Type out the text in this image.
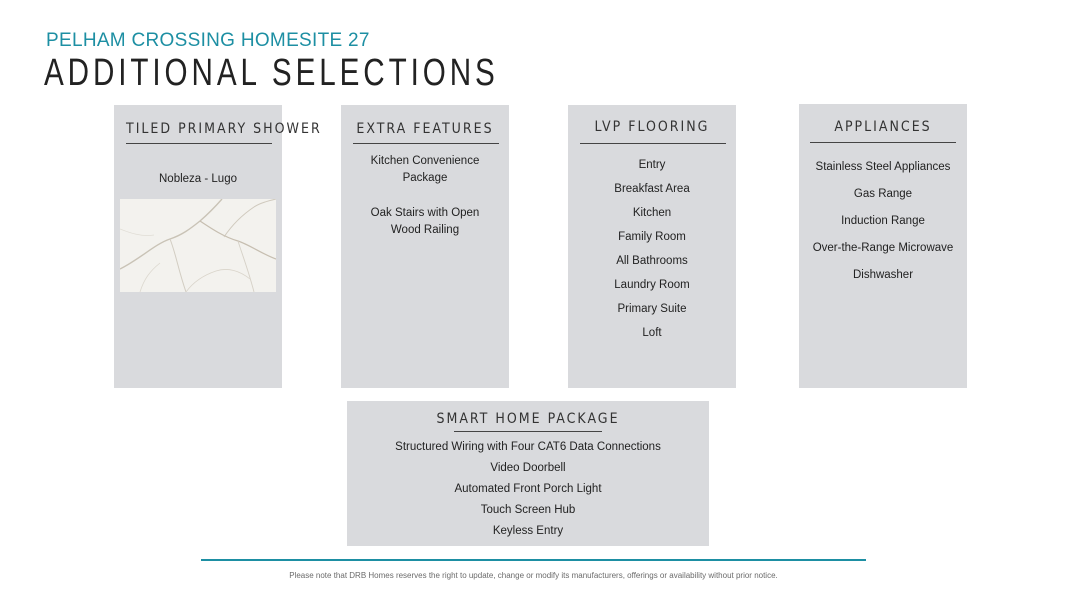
PELHAM CROSSING HOMESITE 27
ADDITIONAL SELECTIONS
TILED PRIMARY SHOWER
Nobleza - Lugo
EXTRA FEATURES
Kitchen Convenience Package
Oak Stairs with Open Wood Railing
LVP FLOORING
Entry
Breakfast Area
Kitchen
Family Room
All Bathrooms
Laundry Room
Primary Suite
Loft
APPLIANCES
Stainless Steel Appliances
Gas Range
Induction Range
Over-the-Range Microwave
Dishwasher
SMART HOME PACKAGE
Structured Wiring with Four CAT6 Data Connections
Video Doorbell
Automated Front Porch Light
Touch Screen Hub
Keyless Entry
Please note that DRB Homes reserves the right to update, change or modify its manufacturers, offerings or availability without prior notice.
